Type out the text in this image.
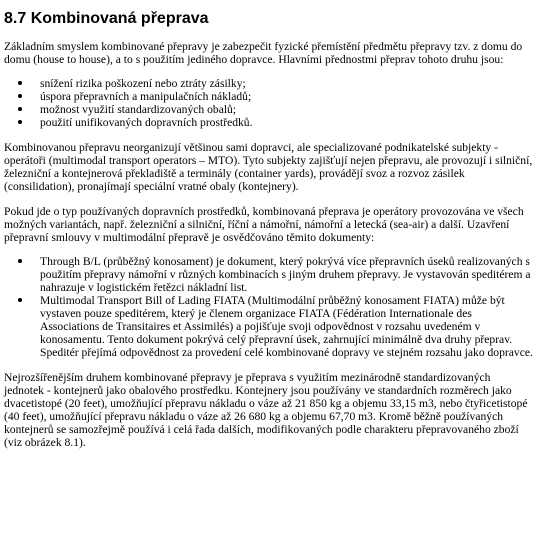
8.7 Kombinovaná přeprava

Základním smyslem kombinované přepravy je zabezpečit fyzické přemístění předmětu přepravy tzv. z domu do domu (house to house), a to s použitím jediného dopravce. Hlavními přednostmi přeprav tohoto druhu jsou:

snížení rizika poškození nebo ztráty zásilky;
úspora přepravních a manipulačních nákladů;
možnost využití standardizovaných obalů;
použití unifikovaných dopravních prostředků.

Kombinovanou přepravu neorganizují většinou sami dopravci, ale specializované podnikatelské subjekty - operátoři (multimodal transport operators – MTO). Tyto subjekty zajišťují nejen přepravu, ale provozují i silniční, železniční a kontejnerová překladiště a terminály (container yards), provádějí svoz a rozvoz zásilek (consilidation), pronajímají speciální vratné obaly (kontejnery).

Pokud jde o typ používaných dopravních prostředků, kombinovaná přeprava je operátory provozována ve všech možných variantách, např. železniční a silniční, říční a námořní, námořní a letecká (sea-air) a další. Uzavření přepravní smlouvy v multimodální přepravě je osvědčováno těmito dokumenty:

Through B/L (průběžný konosament) je dokument, který pokrývá více přepravních úseků realizovaných s použitím přepravy námořní v různých kombinacích s jiným druhem přepravy. Je vystavován speditérem a nahrazuje v logistickém řetězci nákladní list.
Multimodal Transport Bill of Lading FIATA (Multimodální průběžný konosament FIATA) může být vystaven pouze speditérem, který je členem organizace FIATA (Fédération Internationale des Associations de Transitaires et Assimilés) a pojišťuje svoji odpovědnost v rozsahu uvedeném v konosamentu. Tento dokument pokrývá celý přepravní úsek, zahrnující minimálně dva druhy přeprav. Speditér přejímá odpovědnost za provedení celé kombinované dopravy ve stejném rozsahu jako dopravce.

Nejrozšířenějším druhem kombinované přepravy je přeprava s využitím mezinárodně standardizovaných jednotek - kontejnerů jako obalového prostředku. Kontejnery jsou používány ve standardních rozměrech jako dvacetistopé (20 feet), umožňující přepravu nákladu o váze až 21 850 kg a objemu 33,15 m3, nebo čtyřicetistopé (40 feet), umožňující přepravu nákladu o váze až 26 680 kg a objemu 67,70 m3. Kromě běžně používaných kontejnerů se samozřejmě používá i celá řada dalších, modifikovaných podle charakteru přepravovaného zboží (viz obrázek 8.1).
